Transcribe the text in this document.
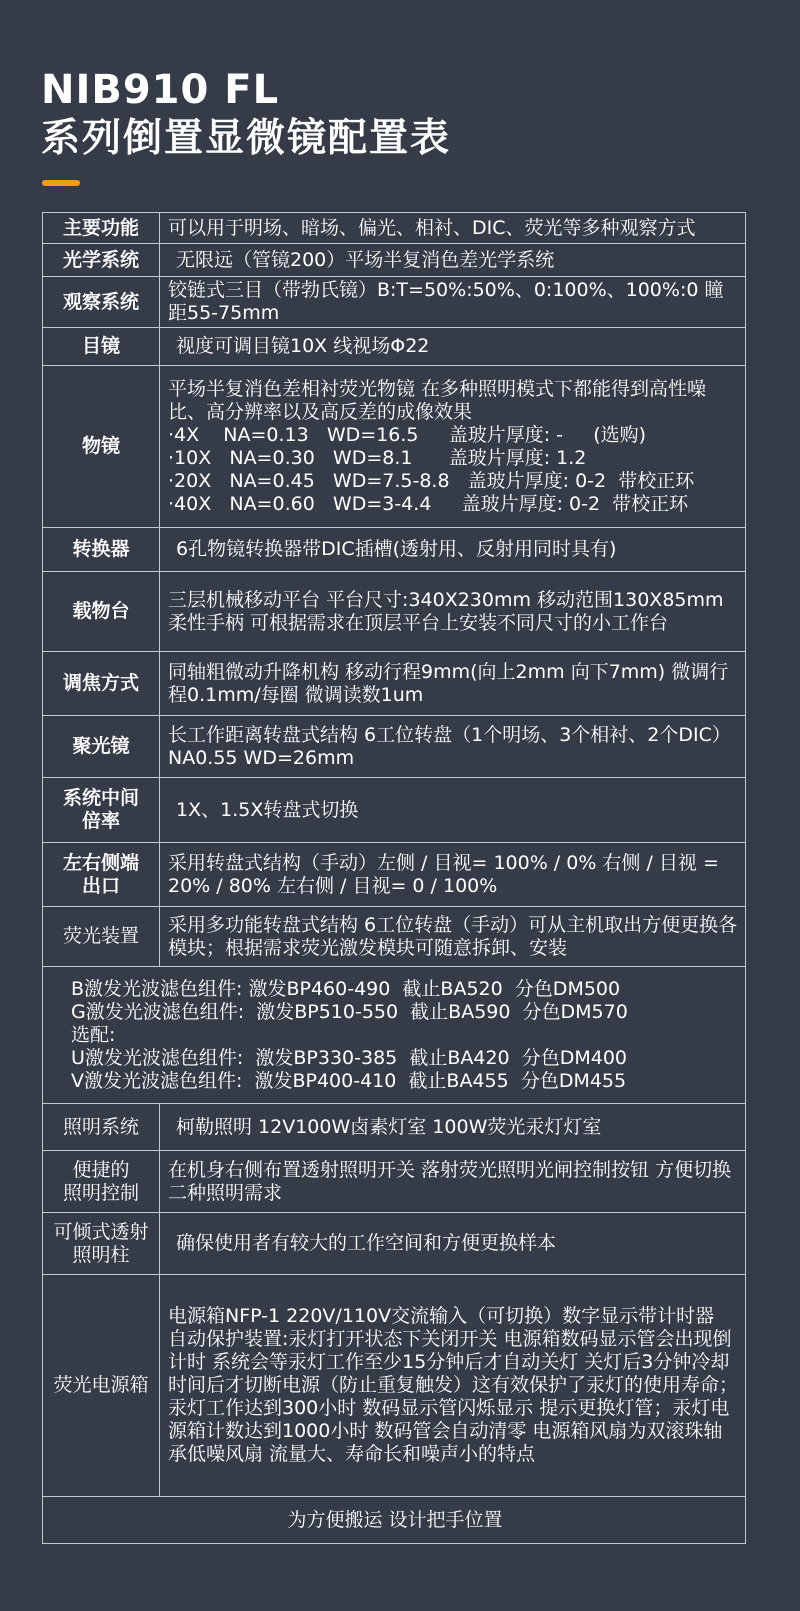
NIB910 FL
系列倒置显微镜配置表
主要功能	可以用于明场、暗场、偏光、相衬、DIC、荧光等多种观察方式
光学系统	无限远（管镜200）平场半复消色差光学系统
观察系统	铰链式三目（带勃氏镜）B:T=50%:50%、0:100%、100%:0 瞳距55-75mm
目镜	视度可调目镜10X 线视场Φ22
物镜	平场半复消色差相衬荧光物镜 在多种照明模式下都能得到高性噪比、高分辨率以及高反差的成像效果
·4X    NA=0.13   WD=16.5     盖玻片厚度: -     (选购)
·10X   NA=0.30   WD=8.1      盖玻片厚度: 1.2
·20X   NA=0.45   WD=7.5-8.8   盖玻片厚度: 0-2  带校正环
·40X   NA=0.60   WD=3-4.4     盖玻片厚度: 0-2  带校正环

转换器	6孔物镜转换器带DIC插槽(透射用、反射用同时具有)
载物台	三层机械移动平台 平台尺寸:340X230mm 移动范围130X85mm 柔性手柄 可根据需求在顶层平台上安装不同尺寸的小工作台
调焦方式	同轴粗微动升降机构 移动行程9mm(向上2mm 向下7mm) 微调行程0.1mm/每圈 微调读数1um
聚光镜	长工作距离转盘式结构 6工位转盘（1个明场、3个相衬、2个DIC）NA0.55 WD=26mm

系统中间
倍率	1X、1.5X转盘式切换

左右侧端
出口	采用转盘式结构（手动）左侧 / 目视= 100% / 0% 右侧 / 目视 = 20% / 80% 左右侧 / 目视= 0 / 100%
荧光装置	采用多功能转盘式结构 6工位转盘（手动）可从主机取出方便更换各模块；根据需求荧光激发模块可随意拆卸、安装

B激发光波滤色组件: 激发BP460-490  截止BA520  分色DM500
G激发光波滤色组件:  激发BP510-550  截止BA590  分色DM570
选配:
U激发光波滤色组件:  激发BP330-385  截止BA420  分色DM400
V激发光波滤色组件:  激发BP400-410  截止BA455  分色DM455	

照明系统	柯勒照明 12V100W卤素灯室 100W荧光汞灯灯室

便捷的
照明控制	在机身右侧布置透射照明开关 落射荧光照明光闸控制按钮 方便切换二种照明需求

可倾式透射
照明柱	确保使用者有较大的工作空间和方便更换样本
荧光电源箱	电源箱NFP-1 220V/110V交流输入（可切换）数字显示带计时器 自动保护装置:汞灯打开状态下关闭开关 电源箱数码显示管会出现倒计时 系统会等汞灯工作至少15分钟后才自动关灯 关灯后3分钟冷却时间后才切断电源（防止重复触发）这有效保护了汞灯的使用寿命；汞灯工作达到300小时 数码显示管闪烁显示 提示更换灯管；汞灯电源箱计数达到1000小时 数码管会自动清零 电源箱风扇为双滚珠轴承低噪风扇 流量大、寿命长和噪声小的特点
为方便搬运 设计把手位置	
